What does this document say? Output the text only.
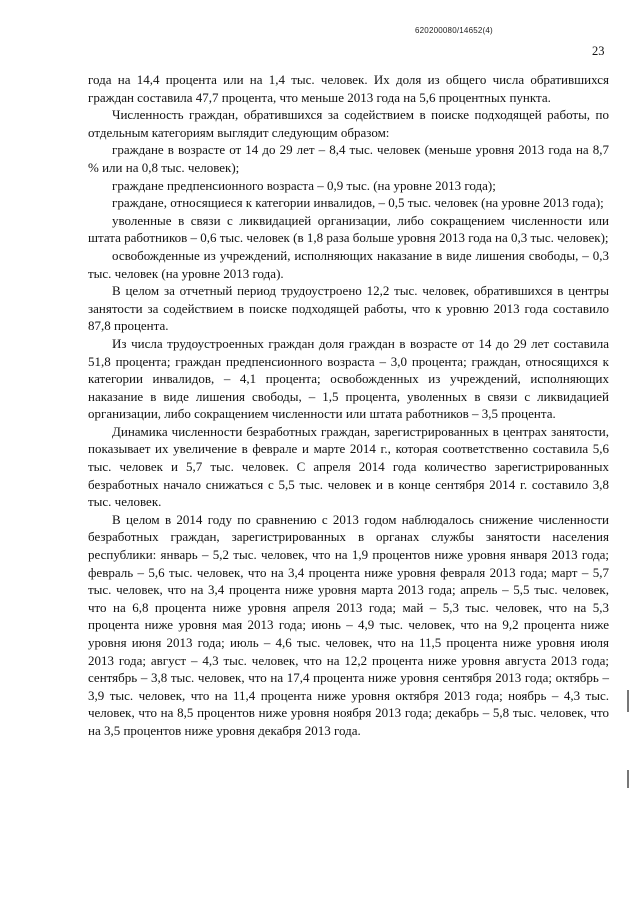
620200080/14652(4)
23

года на 14,4 процента или на 1,4 тыс. человек. Их доля из общего числа обратившихся граждан составила 47,7 процента, что меньше 2013 года на 5,6 процентных пункта.

Численность граждан, обратившихся за содействием в поиске подходящей работы, по отдельным категориям выглядит следующим образом:

граждане в возрасте от 14 до 29 лет – 8,4 тыс. человек (меньше уровня 2013 года на 8,7 % или на 0,8 тыс. человек);

граждане предпенсионного возраста – 0,9 тыс. (на уровне 2013 года);

граждане, относящиеся к категории инвалидов, – 0,5 тыс. человек (на уровне 2013 года);

уволенные в связи с ликвидацией организации, либо сокращением численности или штата работников – 0,6 тыс. человек (в 1,8 раза больше уровня 2013 года на 0,3 тыс. человек);

освобожденные из учреждений, исполняющих наказание в виде лишения свободы, – 0,3 тыс. человек (на уровне 2013 года).

В целом за отчетный период трудоустроено 12,2 тыс. человек, обратившихся в центры занятости за содействием в поиске подходящей работы, что к уровню 2013 года составило 87,8 процента.

Из числа трудоустроенных граждан доля граждан в возрасте от 14 до 29 лет составила 51,8 процента; граждан предпенсионного возраста – 3,0 процента; граждан, относящихся к категории инвалидов, – 4,1 процента; освобожденных из учреждений, исполняющих наказание в виде лишения свободы, – 1,5 процента, уволенных в связи с ликвидацией организации, либо сокращением численности или штата работников – 3,5 процента.

Динамика численности безработных граждан, зарегистрированных в центрах занятости, показывает их увеличение в феврале и марте 2014 г., которая соответственно составила 5,6 тыс. человек и 5,7 тыс. человек. С апреля 2014 года количество зарегистрированных безработных начало снижаться с 5,5 тыс. человек и в конце сентября 2014 г. составило 3,8 тыс. человек.

В целом в 2014 году по сравнению с 2013 годом наблюдалось снижение численности безработных граждан, зарегистрированных в органах службы занятости населения республики: январь – 5,2 тыс. человек, что на 1,9 процентов ниже уровня января 2013 года; февраль – 5,6 тыс. человек, что на 3,4 процента ниже уровня февраля 2013 года; март – 5,7 тыс. человек, что на 3,4 процента ниже уровня марта 2013 года; апрель – 5,5 тыс. человек, что на 6,8 процента ниже уровня апреля 2013 года; май – 5,3 тыс. человек, что на 5,3 процента ниже уровня мая 2013 года; июнь – 4,9 тыс. человек, что на 9,2 процента ниже уровня июня 2013 года; июль – 4,6 тыс. человек, что на 11,5 процента ниже уровня июля 2013 года; август – 4,3 тыс. человек, что на 12,2 процента ниже уровня августа 2013 года; сентябрь – 3,8 тыс. человек, что на 17,4 процента ниже уровня сентября 2013 года; октябрь – 3,9 тыс. человек, что на 11,4 процента ниже уровня октября 2013 года; ноябрь – 4,3 тыс. человек, что на 8,5 процентов ниже уровня ноября 2013 года; декабрь – 5,8 тыс. человек, что на 3,5 процентов ниже уровня декабря 2013 года.
